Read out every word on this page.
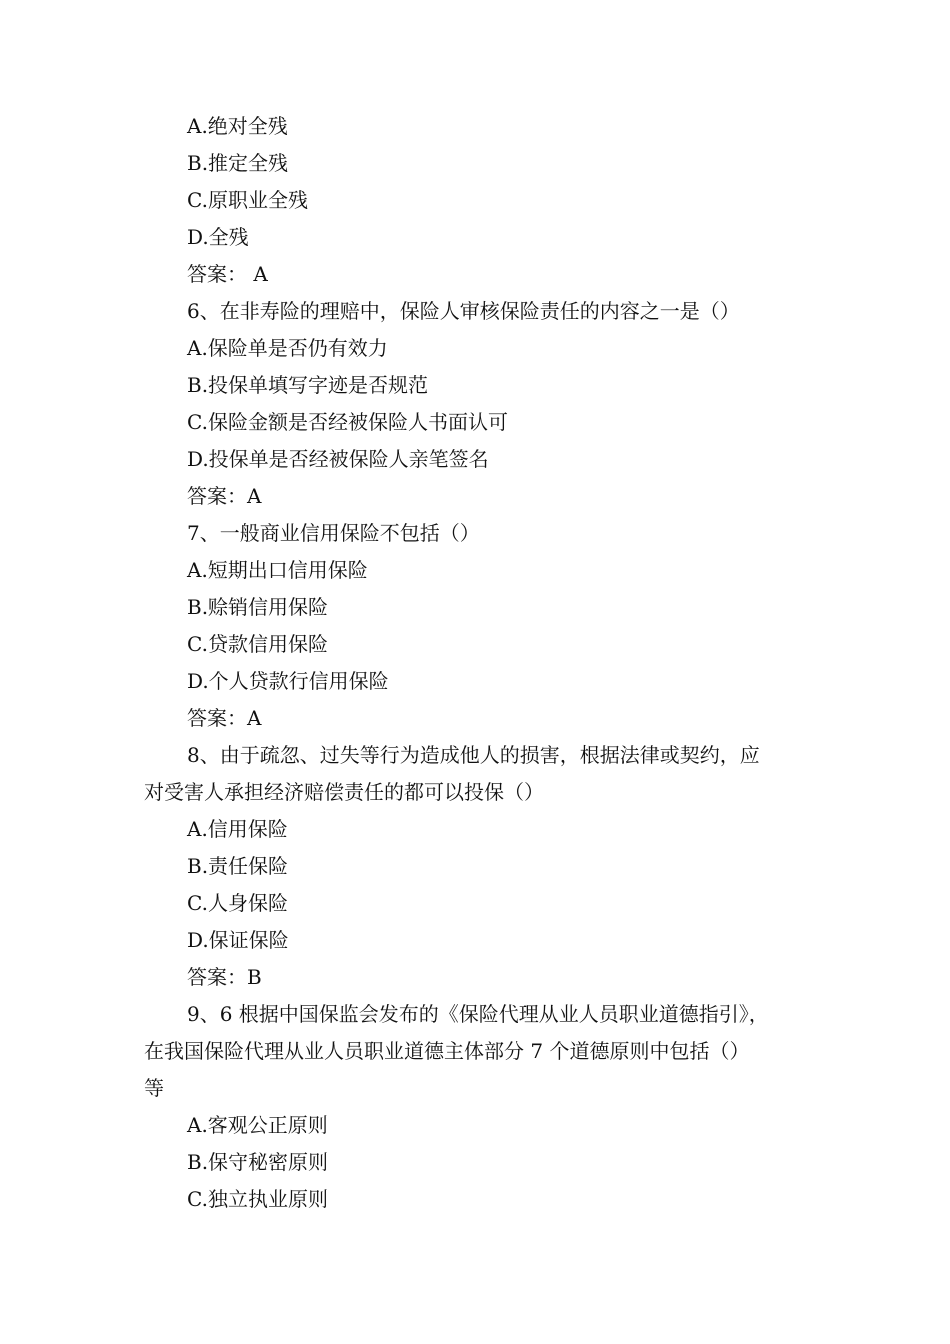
A.绝对全残
B.推定全残
C.原职业全残
D.全残
答案： A
6、在非寿险的理赔中，保险人审核保险责任的内容之一是（）
A.保险单是否仍有效力
B.投保单填写字迹是否规范
C.保险金额是否经被保险人书面认可
D.投保单是否经被保险人亲笔签名
答案：A
7、一般商业信用保险不包括（）
A.短期出口信用保险
B.赊销信用保险
C.贷款信用保险
D.个人贷款行信用保险
答案：A
8、由于疏忽、过失等行为造成他人的损害，根据法律或契约，应
对受害人承担经济赔偿责任的都可以投保（）
A.信用保险
B.责任保险
C.人身保险
D.保证保险
答案：B
9、6 根据中国保监会发布的《保险代理从业人员职业道德指引》，
在我国保险代理从业人员职业道德主体部分 7 个道德原则中包括（）
等
A.客观公正原则
B.保守秘密原则
C.独立执业原则
